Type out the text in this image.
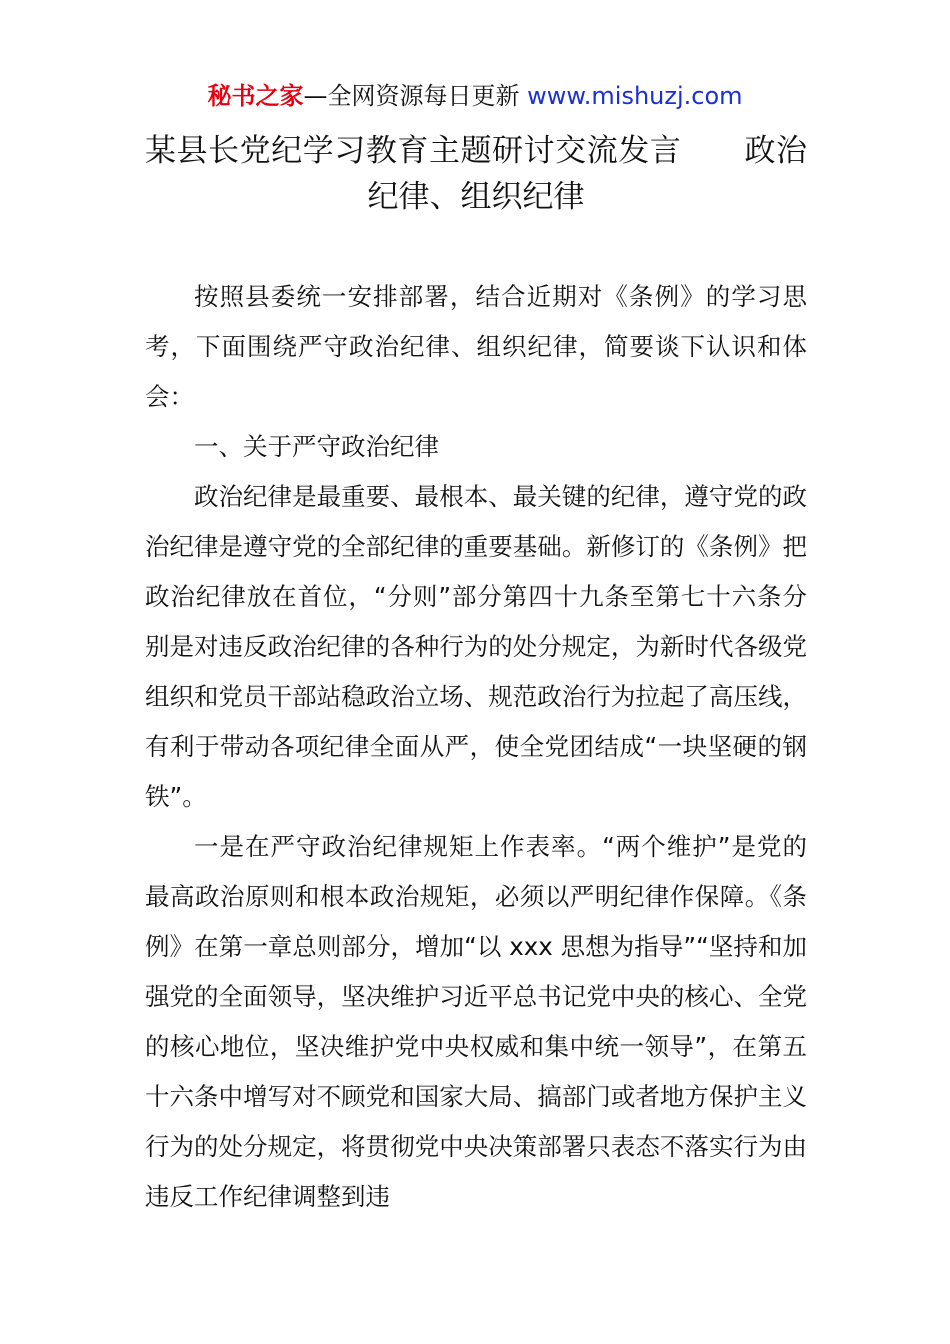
秘书之家—全网资源每日更新 www.mishuzj.com
某县长党纪学习教育主题研讨交流发言　　政治
纪律、组织纪律

按照县委统一安排部署，结合近期对《条例》的学习思考，下面围绕严守政治纪律、组织纪律，简要谈下认识和体会：

一、关于严守政治纪律

政治纪律是最重要、最根本、最关键的纪律，遵守党的政治纪律是遵守党的全部纪律的重要基础。新修订的《条例》把政治纪律放在首位，“分则”部分第四十九条至第七十六条分别是对违反政治纪律的各种行为的处分规定，为新时代各级党组织和党员干部站稳政治立场、规范政治行为拉起了高压线，有利于带动各项纪律全面从严，使全党团结成“一块坚硬的钢铁”。

一是在严守政治纪律规矩上作表率。“两个维护”是党的最高政治原则和根本政治规矩，必须以严明纪律作保障。《条例》在第一章总则部分，增加“以 xxx 思想为指导”“坚持和加强党的全面领导，坚决维护习近平总书记党中央的核心、全党的核心地位，坚决维护党中央权威和集中统一领导”，在第五十六条中增写对不顾党和国家大局、搞部门或者地方保护主义行为的处分规定，将贯彻党中央决策部署只表态不落实行为由违反工作纪律调整到违
